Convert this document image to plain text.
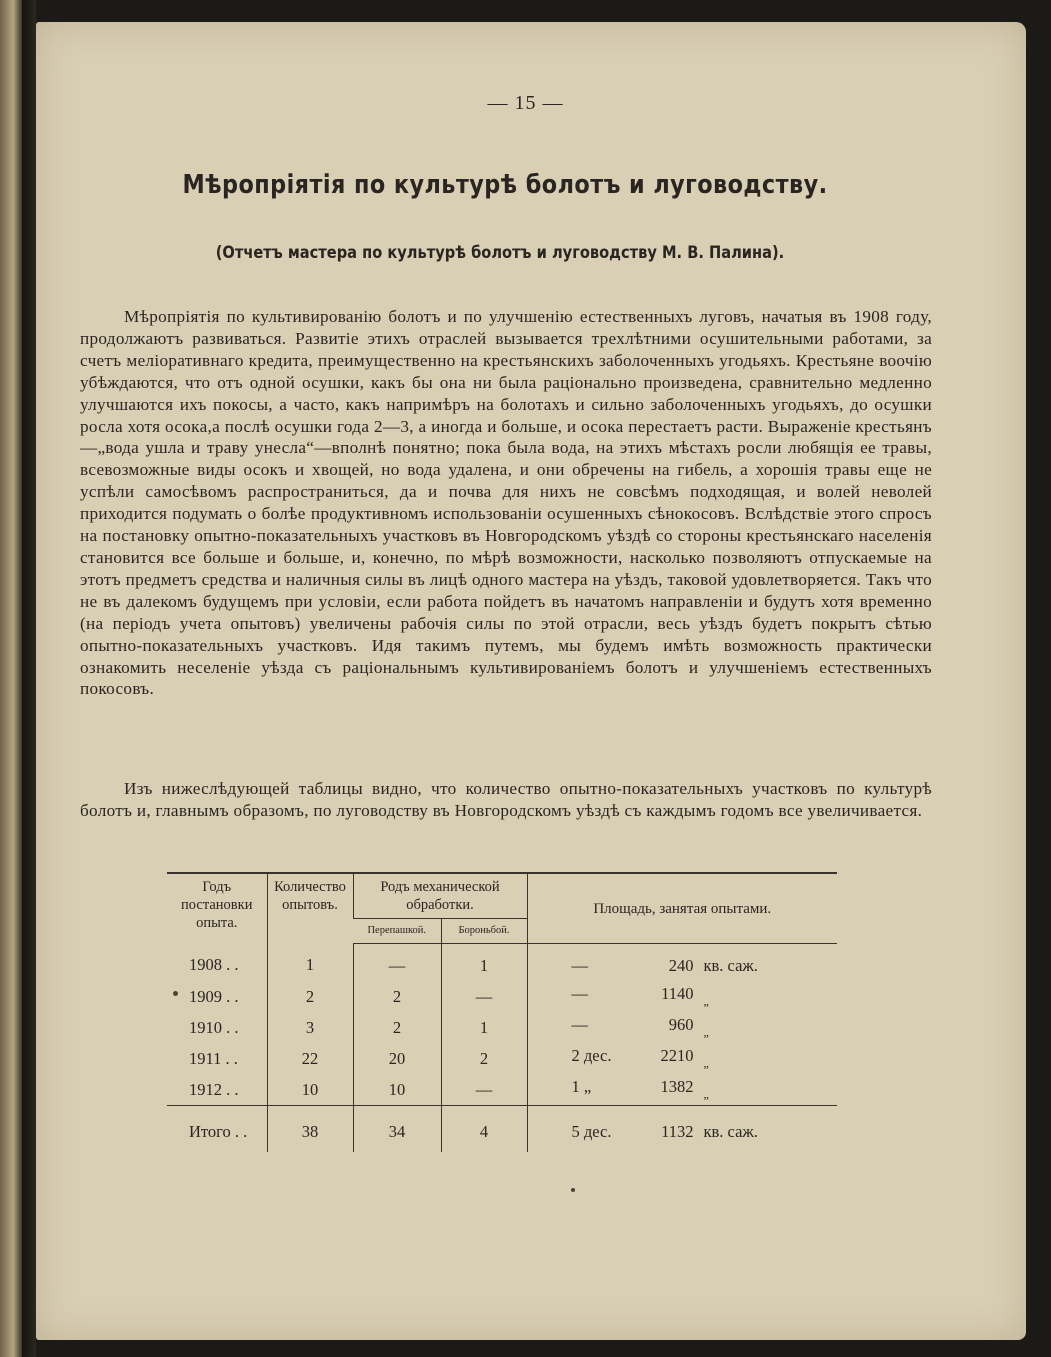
— 15 —
Мѣропріятія по культурѣ болотъ и луговодству.
(Отчетъ мастера по культурѣ болотъ и луговодству М. В. Палина).

Мѣропріятія по культивированію болотъ и по улучшенію естественныхъ луговъ, начатыя въ 1908 году, продолжаютъ развиваться. Развитіе этихъ отраслей вызывается трехлѣтними осушительными работами, за счетъ меліоративнаго кредита, преимущественно на крестьянскихъ заболоченныхъ угодьяхъ. Крестьяне воочію убѣждаются, что отъ одной осушки, какъ бы она ни была раціонально произведена, сравнительно медленно улучшаются ихъ покосы, а часто, какъ напримѣръ на болотахъ и сильно заболоченныхъ угодьяхъ, до осушки росла хотя осока,а послѣ осушки года 2—3, а иногда и больше, и осока перестаетъ расти. Выраженіе крестьянъ—„вода ушла и траву унесла“—вполнѣ понятно; пока была вода, на этихъ мѣстахъ росли любящія ее травы, всевозможные виды осокъ и хвощей, но вода удалена, и они обречены на гибель, а хорошія травы еще не успѣли самосѣвомъ распространиться, да и почва для нихъ не совсѣмъ подходящая, и волей неволей приходится подумать о болѣе продуктивномъ использованіи осушенныхъ сѣнокосовъ. Вслѣдствіе этого спросъ на постановку опытно-показательныхъ участковъ въ Новгородскомъ уѣздѣ со стороны крестьянскаго населенія становится все больше и больше, и, конечно, по мѣрѣ возможности, насколько позволяютъ отпускаемые на этотъ предметъ средства и наличныя силы въ лицѣ одного мастера на уѣздъ, таковой удовлетворяется. Такъ что не въ далекомъ будущемъ при условіи, если работа пойдетъ въ начатомъ направленіи и будутъ хотя временно (на періодъ учета опытовъ) увеличены рабочія силы по этой отрасли, весь уѣздъ будетъ покрытъ сѣтью опытно-показательныхъ участковъ. Идя такимъ путемъ, мы будемъ имѣть возможность практически ознакомить неселеніе уѣзда съ раціональнымъ культивированіемъ болотъ и улучшеніемъ естественныхъ покосовъ.

Изъ нижеслѣдующей таблицы видно, что количество опытно-показательныхъ участковъ по культурѣ болотъ и, главнымъ образомъ, по луговодству въ Новгородскомъ уѣздѣ съ каждымъ годомъ все увеличивается.

Годъ постановки опыта.	Количество опытовъ.	Родъ механической обработки.		Площадь, занятая опытами.
		Перепашкой.	Бороньбой.	
1908 . .	1	—	1	— 240 кв. саж.
1909 . .	2	2	—	— 1140 „
1910 . .	3	2	1	— 960 „
1911 . .	22	20	2	2 дес. 2210 „
1912 . .	10	10	—	1 „ 1382 „
Итого . .	38	34	4	5 дес. 1132 кв. саж.
